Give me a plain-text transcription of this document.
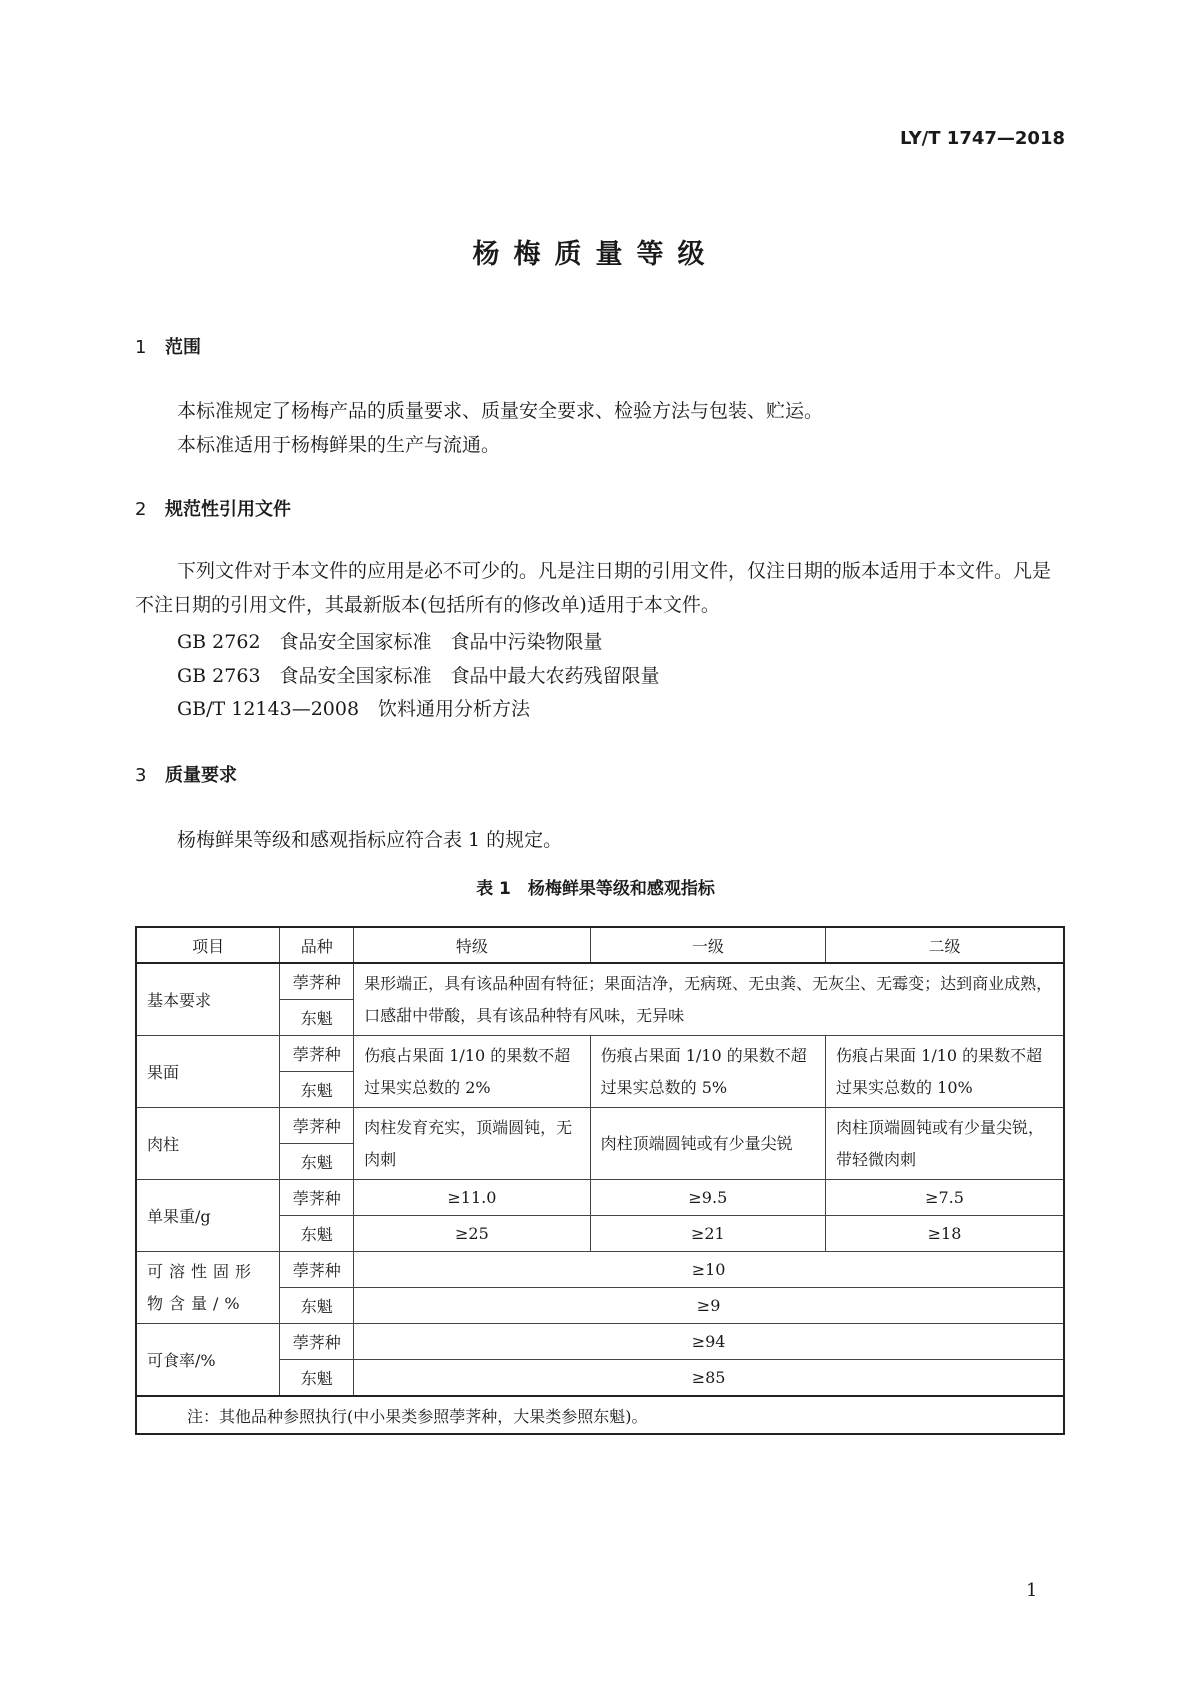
LY/T 1747—2018
杨梅质量等级
1 范围
本标准规定了杨梅产品的质量要求、质量安全要求、检验方法与包装、贮运。
本标准适用于杨梅鲜果的生产与流通。
2 规范性引用文件
下列文件对于本文件的应用是必不可少的。凡是注日期的引用文件，仅注日期的版本适用于本文件。凡是不注日期的引用文件，其最新版本(包括所有的修改单)适用于本文件。
GB 2762　食品安全国家标准　食品中污染物限量
GB 2763　食品安全国家标准　食品中最大农药残留限量
GB/T 12143—2008　饮料通用分析方法
3 质量要求
杨梅鲜果等级和感观指标应符合表 1 的规定。
表 1　杨梅鲜果等级和感观指标
项目	品种	特级	一级	二级
基本要求	荸荠种	果形端正，具有该品种固有特征；果面洁净，无病斑、无虫粪、无灰尘、无霉变；达到商业成熟，口感甜中带酸，具有该品种特有风味，无异味		
	东魁			
果面	荸荠种	伤痕占果面 1/10 的果数不超过果实总数的 2%	伤痕占果面 1/10 的果数不超过果实总数的 5%	伤痕占果面 1/10 的果数不超过果实总数的 10%
	东魁			
肉柱	荸荠种	肉柱发育充实，顶端圆钝，无肉刺	肉柱顶端圆钝或有少量尖锐	肉柱顶端圆钝或有少量尖锐，带轻微肉刺
	东魁			
单果重/g	荸荠种	≥11.0	≥9.5	≥7.5
	东魁	≥25	≥21	≥18
可溶性固形物含量/%	荸荠种	≥10		
	东魁	≥9		
可食率/%	荸荠种	≥94		
	东魁	≥85		
注：其他品种参照执行(中小果类参照荸荠种，大果类参照东魁)。				
1
